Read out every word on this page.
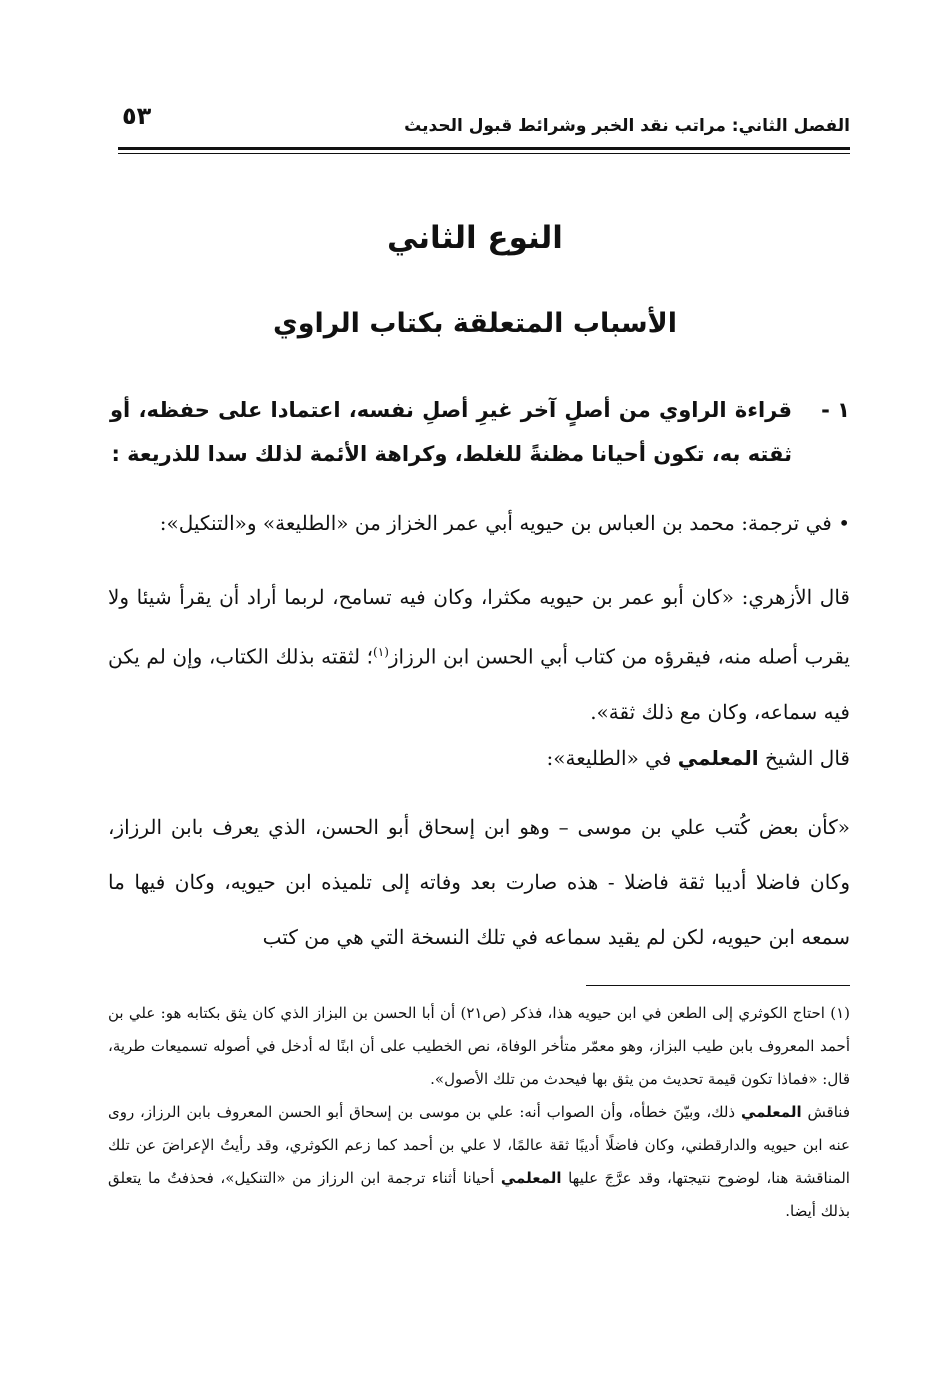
الفصل الثاني: مراتب نقد الخبر وشرائط قبول الحديث
٥٣
النوع الثاني
الأسباب المتعلقة بكتاب الراوي
١ -
قراءة الراوي من أصلٍ آخر غيرِ أصلِ نفسه، اعتمادا على حفظه، أو ثقته به، تكون أحيانا مظنةً للغلط، وكراهة الأئمة لذلك سدا للذريعة :
• في ترجمة: محمد بن العباس بن حيويه أبي عمر الخزاز من «الطليعة» و«التنكيل»:
قال الأزهري: «كان أبو عمر بن حيويه مكثرا، وكان فيه تسامح، لربما أراد أن يقرأ شيئا ولا يقرب أصله منه، فيقرؤه من كتاب أبي الحسن ابن الرزاز$^{(١)}$؛ لثقته بذلك الكتاب، وإن لم يكن فيه سماعه، وكان مع ذلك ثقة».
قال الشيخ المعلمي في «الطليعة»:
«كأن بعض كُتب علي بن موسى – وهو ابن إسحاق أبو الحسن، الذي يعرف بابن الرزاز، وكان فاضلا أديبا ثقة فاضلا - هذه صارت بعد وفاته إلى تلميذه ابن حيويه، وكان فيها ما سمعه ابن حيويه، لكن لم يقيد سماعه في تلك النسخة التي هي من كتب
(١) احتاج الكوثري إلى الطعن في ابن حيويه هذا، فذكر (ص٢١) أن أبا الحسن بن البزاز الذي كان يثق بكتابه هو: علي بن أحمد المعروف بابن طيب البزاز، وهو معمّر متأخر الوفاة، نص الخطيب على أن ابنًا له أدخل في أصوله تسميعات طرية، قال: «فماذا تكون قيمة تحديث من يثق بها فيحدث من تلك الأصول».
فناقش المعلمي ذلك، وبيّنَ خطأه، وأن الصواب أنه: علي بن موسى بن إسحاق أبو الحسن المعروف بابن الرزاز، روى عنه ابن حيويه والدارقطني، وكان فاضلًا أديبًا ثقة عالمًا، لا علي بن أحمد كما زعم الكوثري، وقد رأيتُ الإعراضَ عن تلك المناقشة هنا، لوضوح نتيجتها، وقد عرَّجَ عليها المعلمي أحيانا أثناء ترجمة ابن الرزاز من «التنكيل»، فحذفتُ ما يتعلق بذلك أيضا.
